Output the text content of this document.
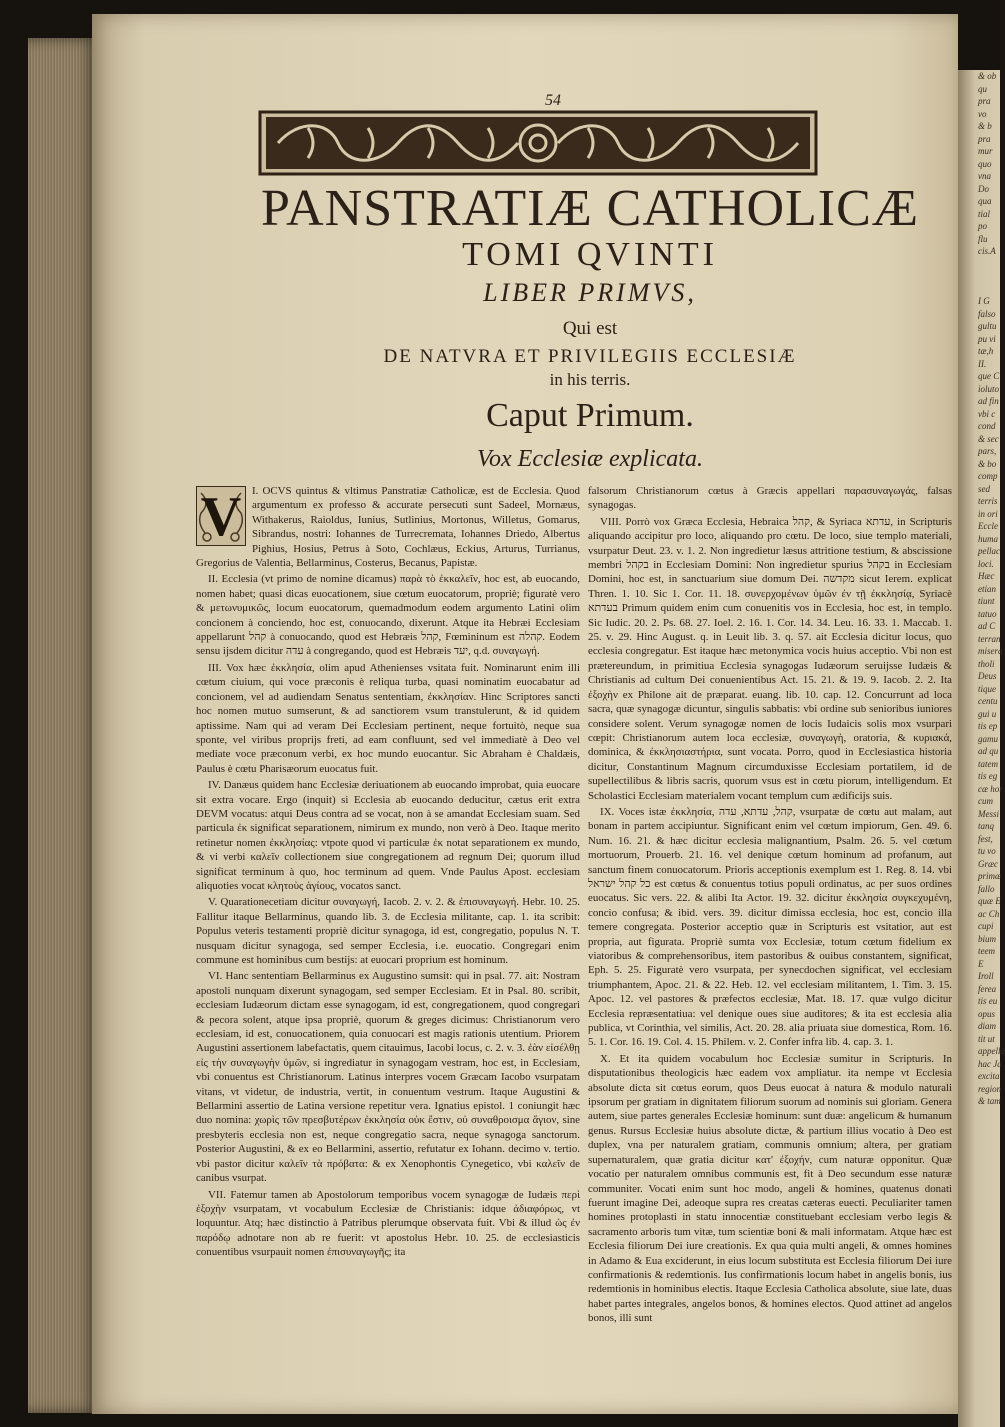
& ob
qu
pra
vo
& b
pra
mur
quo
vna
Do
qua
tial
po
flu
cis.A

I G
falso
gultu
pu vi
tæ,h
II.
que C
ioluto
ad fin
vbi c
cond
& sec
pars,
& bo
comp
sed
terris
in ori
Eccle
huma
pellac
loci.
Hæc
etian
tiunt
tatuo
ad C
terran
misera
tholi
Deus
tique
centu
gui u
tis ep
gamu
ad qu
tatem
tis eg
cæ hor
cum
Messi
tanq
fest,
tu vo
Græc
primæ
fallo
quæ E
ac Ch
cupi
bium
teem
E
Iroll
ferea
tis eu
opus
diam
tit ut
appella
hac Ja
excita
region
& tam
54
PANSTRATIÆ CATHOLICÆ
TOMI QVINTI
LIBER PRIMVS,
Qui est
DE NATVRA ET PRIVILEGIIS ECCLESIÆ
in his terris.
Caput Primum.
Vox Ecclesiæ explicata.
V I. OCVS quintus & vltimus Panstratiæ Catholicæ, est de Ecclesia. Quod argumentum ex professo & accurate persecuti sunt Sadeel, Mornæus, Withakerus, Raioldus, Iunius, Sutlinius, Mortonus, Willetus, Gomarus, Sibrandus, nostri: Iohannes de Turrecremata, Iohannes Driedo, Albertus Pighius, Hosius, Petrus à Soto, Cochlæus, Eckius, Arturus, Turrianus, Gregorius de Valentia, Bellarminus, Costerus, Becanus, Papistæ.

II. Ecclesia (vt primo de nomine dicamus) παρὰ τὸ ἐκκαλεῖν, hoc est, ab euocando, nomen habet; quasi dicas euocationem, siue cœtum euocatorum, propriè; figuratè vero & μετωνυμικῶς, locum euocatorum, quemadmodum eodem argumento Latini olim concionem à conciendo, hoc est, conuocando, dixerunt. Atque ita Hebræi Ecclesiam appellarunt קהל à conuocando, quod est Hebræis קהל, Fœmininum est קהלה. Eodem sensu ijsdem dicitur עדה à congregando, quod est Hebræis יעד, q.d. συναγωγή.

III. Vox hæc ἐκκλησία, olim apud Athenienses vsitata fuit. Nominarunt enim illi cœtum ciuium, qui voce præconis è reliqua turba, quasi nominatim euocabatur ad concionem, vel ad audiendam Senatus sententiam, ἐκκλησίαν. Hinc Scriptores sancti hoc nomen mutuo sumserunt, & ad sanctiorem vsum transtulerunt, & id quidem aptissime. Nam qui ad veram Dei Ecclesiam pertinent, neque fortuitò, neque sua sponte, vel viribus proprijs freti, ad eam confluunt, sed vel immediatè à Deo vel mediate voce præconum verbi, ex hoc mundo euocantur. Sic Abraham è Chaldæis, Paulus è cœtu Pharisæorum euocatus fuit.

IV. Danæus quidem hanc Ecclesiæ deriuationem ab euocando improbat, quia euocare sit extra vocare. Ergo (inquit) si Ecclesia ab euocando deducitur, cætus erit extra DEVM vocatus: atqui Deus contra ad se vocat, non à se amandat Ecclesiam suam. Sed particula ἐκ significat separationem, nimirum ex mundo, non verò à Deo. Itaque merito retinetur nomen ἐκκλησίας: vtpote quod vi particulæ ἐκ notat separationem ex mundo, & vi verbi καλεῖν collectionem siue congregationem ad regnum Dei; quorum illud significat terminum à quo, hoc terminum ad quem. Vnde Paulus Apost. ecclesiam aliquoties vocat κλητοὺς ἁγίους, vocatos sanct.

V. Quarationecetiam dicitur συναγωγή, Iacob. 2. v. 2. & ἐπισυναγωγή. Hebr. 10. 25. Fallitur itaque Bellarminus, quando lib. 3. de Ecclesia militante, cap. 1. ita scribit: Populus veteris testamenti propriè dicitur synagoga, id est, congregatio, populus N. T. nusquam dicitur synagoga, sed semper Ecclesia, i.e. euocatio. Congregari enim commune est hominibus cum bestijs: at euocari proprium est hominum.

VI. Hanc sententiam Bellarminus ex Augustino sumsit: qui in psal. 77. ait: Nostram apostoli nunquam dixerunt synagogam, sed semper Ecclesiam. Et in Psal. 80. scribit, ecclesiam Iudæorum dictam esse synagogam, id est, congregationem, quod congregari & pecora solent, atque ipsa propriè, quorum & greges dicimus: Christianorum vero ecclesiam, id est, conuocationem, quia conuocari est magis rationis utentium. Priorem Augustini assertionem labefactatis, quem citauimus, Iacobi locus, c. 2. v. 3. ἐὰν εἰσέλθῃ εἰς τὴν συναγωγὴν ὑμῶν, si ingrediatur in synagogam vestram, hoc est, in Ecclesiam, vbi conuentus est Christianorum. Latinus interpres vocem Græcam Iacobo vsurpatam vitans, vt videtur, de industria, vertit, in conuentum vestrum. Itaque Augustini & Bellarmini assertio de Latina versione repetitur vera. Ignatius epistol. 1 coniungit hæc duo nomina: χωρὶς τῶν πρεσβυτέρων ἐκκλησία οὐκ ἔστιν, οὐ συναθροισμα ἅγιον, sine presbyteris ecclesia non est, neque congregatio sacra, neque synagoga sanctorum. Posterior Augustini, & ex eo Bellarmini, assertio, refutatur ex Iohann. decimo v. tertio. vbi pastor dicitur καλεῖν τὰ πρόβατα: & ex Xenophontis Cynegetico, vbi καλεῖν de canibus vsurpat.

VII. Fatemur tamen ab Apostolorum temporibus vocem synagogæ de Iudæis περὶ ἐξοχὴν vsurpatam, vt vocabulum Ecclesiæ de Christianis: idque ἀδιαφόρως, vt loquuntur. Atq; hæc distinctio à Patribus plerumque observata fuit. Vbi & illud ὡς ἐν παρόδῳ adnotare non ab re fuerit: vt apostolus Hebr. 10. 25. de ecclesiasticis conuentibus vsurpauit nomen ἐπισυναγωγῆς; ita

falsorum Christianorum cœtus à Græcis appellari παρασυναγωγάς, falsas synagogas.

VIII. Porrò vox Græca Ecclesia, Hebraica קהל, & Syriaca עדתא, in Scripturis aliquando accipitur pro loco, aliquando pro cœtu. De loco, siue templo materiali, vsurpatur Deut. 23. v. 1. 2. Non ingredietur læsus attritione testium, & abscissione membri בקהל in Ecclesiam Domini: Non ingredietur spurius בקהל in Ecclesiam Domini, hoc est, in sanctuarium siue domum Dei. מקדשה sicut Ierem. explicat Thren. 1. 10. Sic 1. Cor. 11. 18. συνερχομένων ὑμῶν ἐν τῇ ἐκκλησίᾳ, Syriacè בעדתא Primum quidem enim cum conuenitis vos in Ecclesia, hoc est, in templo. Sic Iudic. 20. 2. Ps. 68. 27. Ioel. 2. 16. 1. Cor. 14. 34. Leu. 16. 33. 1. Maccab. 1. 25. v. 29. Hinc August. q. in Leuit lib. 3. q. 57. ait Ecclesia dicitur locus, quo ecclesia congregatur. Est itaque hæc metonymica vocis huius acceptio. Vbi non est prætereundum, in primitiua Ecclesia synagogas Iudæorum seruijsse Iudæis & Christianis ad cultum Dei conuenientibus Act. 15. 21. & 19. 9. Iacob. 2. 2. Ita ἐξοχὴν ex Philone ait de præparat. euang. lib. 10. cap. 12. Concurrunt ad loca sacra, quæ synagogæ dicuntur, singulis sabbatis: vbi ordine sub senioribus iuniores considere solent. Verum synagogæ nomen de locis Iudaicis solis mox vsurpari cœpit: Christianorum autem loca ecclesiæ, συναγωγὴ, oratoria, & κυριακά, dominica, & ἐκκλησιαστήρια, sunt vocata. Porro, quod in Ecclesiastica historia dicitur, Constantinum Magnum circumduxisse Ecclesiam portatilem, id de supellectilibus & libris sacris, quorum vsus est in cœtu piorum, intelligendum. Et Scholastici Ecclesiam materialem vocant templum cum ædificijs suis.

IX. Voces istæ ἐκκλησία, קהל, עדתא, עדה, vsurpatæ de cœtu aut malam, aut bonam in partem accipiuntur. Significant enim vel cœtum impiorum, Gen. 49. 6. Num. 16. 21. & hæc dicitur ecclesia malignantium, Psalm. 26. 5. vel cœtum mortuorum, Prouerb. 21. 16. vel denique cœtum hominum ad profanum, aut sanctum finem conuocatorum. Prioris acceptionis exemplum est 1. Reg. 8. 14. vbi כל קהל ישראל est cœtus & conuentus totius populi ordinatus, ac per suos ordines euocatus. Sic vers. 22. & alibi Ita Actor. 19. 32. dicitur ἐκκλησία συγκεχυμένη, concio confusa; & ibid. vers. 39. dicitur dimissa ecclesia, hoc est, concio illa temere congregata. Posterior acceptio quæ in Scripturis est vsitatior, aut est propria, aut figurata. Propriè sumta vox Ecclesiæ, totum cœtum fidelium ex viatoribus & comprehensoribus, item pastoribus & ouibus constantem, significat, Eph. 5. 25. Figuratè vero vsurpata, per synecdochen significat, vel ecclesiam triumphantem, Apoc. 21. & 22. Heb. 12. vel ecclesiam militantem, 1. Tim. 3. 15. Apoc. 12. vel pastores & præfectos ecclesiæ, Mat. 18. 17. quæ vulgo dicitur Ecclesia repræsentatiua: vel denique oues siue auditores; & ita est ecclesia alia publica, vt Corinthia, vel similis, Act. 20. 28. alia priuata siue domestica, Rom. 16. 5. 1. Cor. 16. 19. Col. 4. 15. Philem. v. 2. Confer infra lib. 4. cap. 3. 1.

X. Et ita quidem vocabulum hoc Ecclesiæ sumitur in Scripturis. In disputationibus theologicis hæc eadem vox ampliatur. ita nempe vt Ecclesia absolute dicta sit cœtus eorum, quos Deus euocat à natura & modulo naturali ipsorum per gratiam in dignitatem filiorum suorum ad nominis sui gloriam. Genera autem, siue partes generales Ecclesiæ hominum: sunt duæ: angelicum & humanum genus. Rursus Ecclesiæ huius absolute dictæ, & partium illius vocatio à Deo est duplex, vna per naturalem gratiam, communis omnium; altera, per gratiam supernaturalem, quæ gratia dicitur κατ' ἐξοχήν, cum naturæ opponitur. Quæ vocatio per naturalem omnibus communis est, fit à Deo secundum esse naturæ communiter. Vocati enim sunt hoc modo, angeli & homines, quatenus donati fuerunt imagine Dei, adeoque supra res creatas cæteras euecti. Peculiariter tamen homines protoplasti in statu innocentiæ constituebant ecclesiam verbo legis & sacramento arboris tum vitæ, tum scientiæ boni & mali informatam. Atque hæc est Ecclesia filiorum Dei iure creationis. Ex qua quia multi angeli, & omnes homines in Adamo & Eua exciderunt, in eius locum substituta est Ecclesia filiorum Dei iure confirmationis & redemtionis. Ius confirmationis locum habet in angelis bonis, ius redemtionis in hominibus electis. Itaque Ecclesia Catholica absolute, siue late, duas habet partes integrales, angelos bonos, & homines electos. Quod attinet ad angelos bonos, illi sunt
